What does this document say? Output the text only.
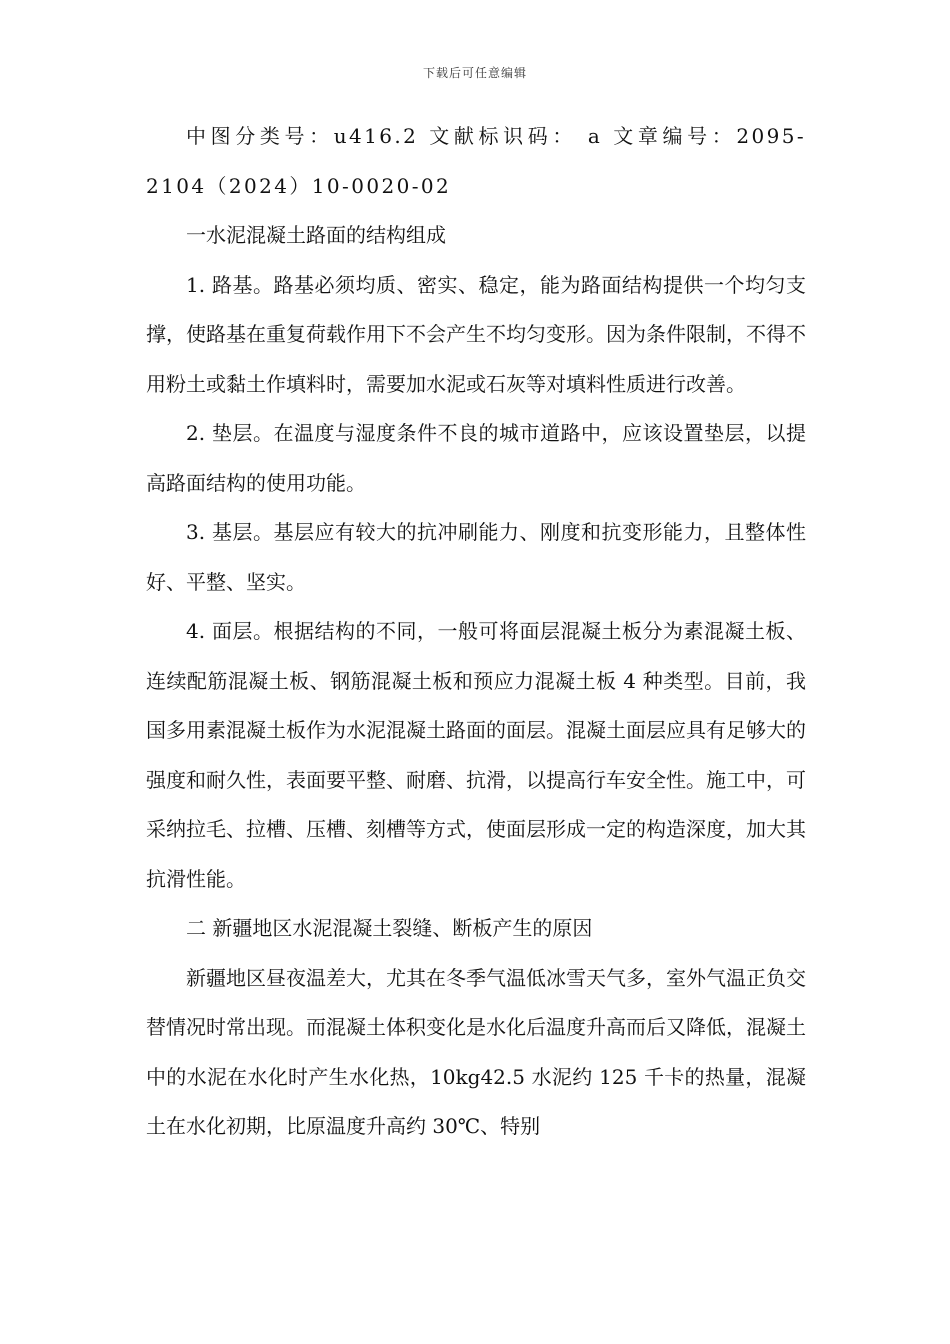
下载后可任意编辑

中图分类号：u416.2 文献标识码： a 文章编号：2095-2104（2024）10-0020-02

一水泥混凝土路面的结构组成

1. 路基。路基必须均质、密实、稳定，能为路面结构提供一个均匀支撑，使路基在重复荷载作用下不会产生不均匀变形。因为条件限制，不得不用粉土或黏土作填料时，需要加水泥或石灰等对填料性质进行改善。

2. 垫层。在温度与湿度条件不良的城市道路中，应该设置垫层，以提高路面结构的使用功能。

3. 基层。基层应有较大的抗冲刷能力、刚度和抗变形能力，且整体性好、平整、坚实。

4. 面层。根据结构的不同，一般可将面层混凝土板分为素混凝土板、连续配筋混凝土板、钢筋混凝土板和预应力混凝土板 4 种类型。目前，我国多用素混凝土板作为水泥混凝土路面的面层。混凝土面层应具有足够大的强度和耐久性，表面要平整、耐磨、抗滑，以提高行车安全性。施工中，可采纳拉毛、拉槽、压槽、刻槽等方式，使面层形成一定的构造深度，加大其抗滑性能。

二 新疆地区水泥混凝土裂缝、断板产生的原因

新疆地区昼夜温差大，尤其在冬季气温低冰雪天气多，室外气温正负交替情况时常出现。而混凝土体积变化是水化后温度升高而后又降低，混凝土中的水泥在水化时产生水化热，10kg42.5 水泥约 125 千卡的热量，混凝土在水化初期，比原温度升高约 30℃、特别
